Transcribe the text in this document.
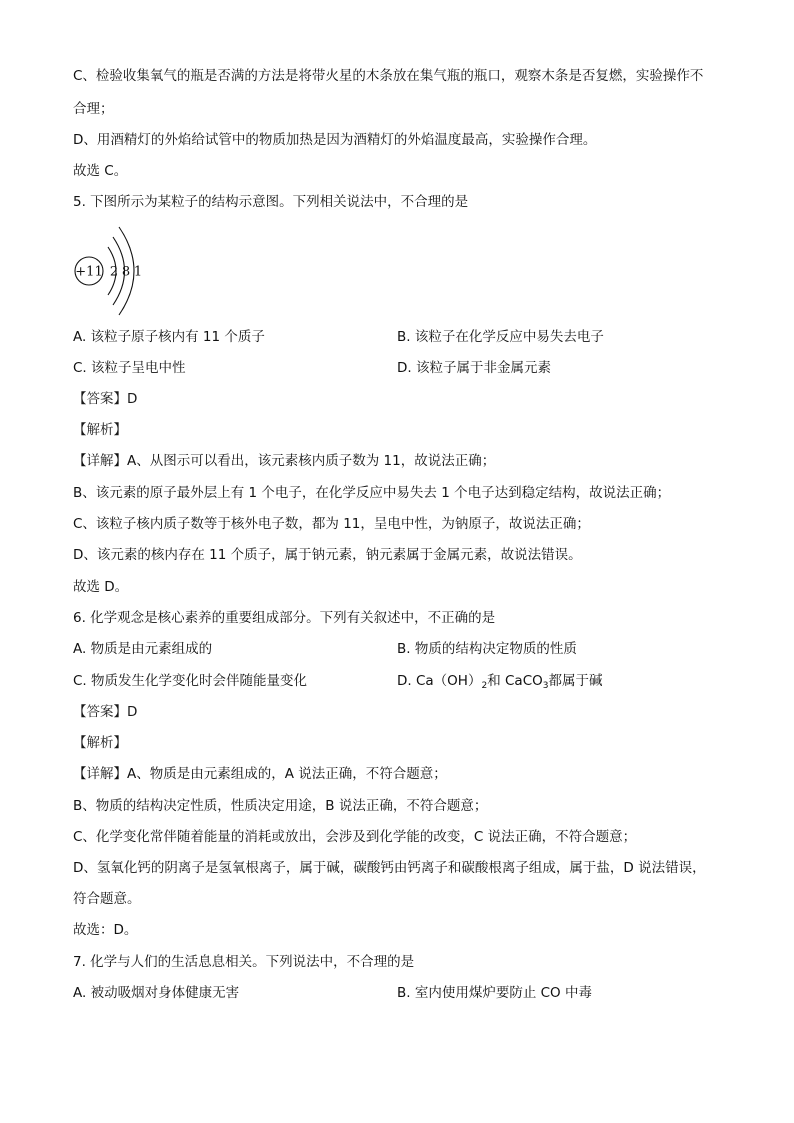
C、检验收集氧气的瓶是否满的方法是将带火星的木条放在集气瓶的瓶口，观察木条是否复燃，实验操作不
合理；
D、用酒精灯的外焰给试管中的物质加热是因为酒精灯的外焰温度最高，实验操作合理。
故选 C。
5. 下图所示为某粒子的结构示意图。下列相关说法中，不合理的是
+11 2 8 1
A. 该粒子原子核内有 11 个质子	B. 该粒子在化学反应中易失去电子
C. 该粒子呈电中性	D. 该粒子属于非金属元素
【答案】D
【解析】
【详解】A、从图示可以看出，该元素核内质子数为 11，故说法正确；
B、该元素的原子最外层上有 1 个电子，在化学反应中易失去 1 个电子达到稳定结构，故说法正确；
C、该粒子核内质子数等于核外电子数，都为 11，呈电中性，为钠原子，故说法正确；
D、该元素的核内存在 11 个质子，属于钠元素，钠元素属于金属元素，故说法错误。
故选 D。
6. 化学观念是核心素养的重要组成部分。下列有关叙述中，不正确的是
A. 物质是由元素组成的	B. 物质的结构决定物质的性质
C. 物质发生化学变化时会伴随能量变化	D. $Ca(OH)_2$和 CaCO$_3$都属于碱
【答案】D
【解析】
【详解】A、物质是由元素组成的，A 说法正确，不符合题意；
B、物质的结构决定性质，性质决定用途，B 说法正确，不符合题意；
C、化学变化常伴随着能量的消耗或放出，会涉及到化学能的改变，C 说法正确，不符合题意；
D、氢氧化钙的阴离子是氢氧根离子，属于碱，碳酸钙由钙离子和碳酸根离子组成，属于盐，D 说法错误，
符合题意。
故选：D。
7. 化学与人们的生活息息相关。下列说法中，不合理的是
A. 被动吸烟对身体健康无害	B. 室内使用煤炉要防止 CO 中毒
